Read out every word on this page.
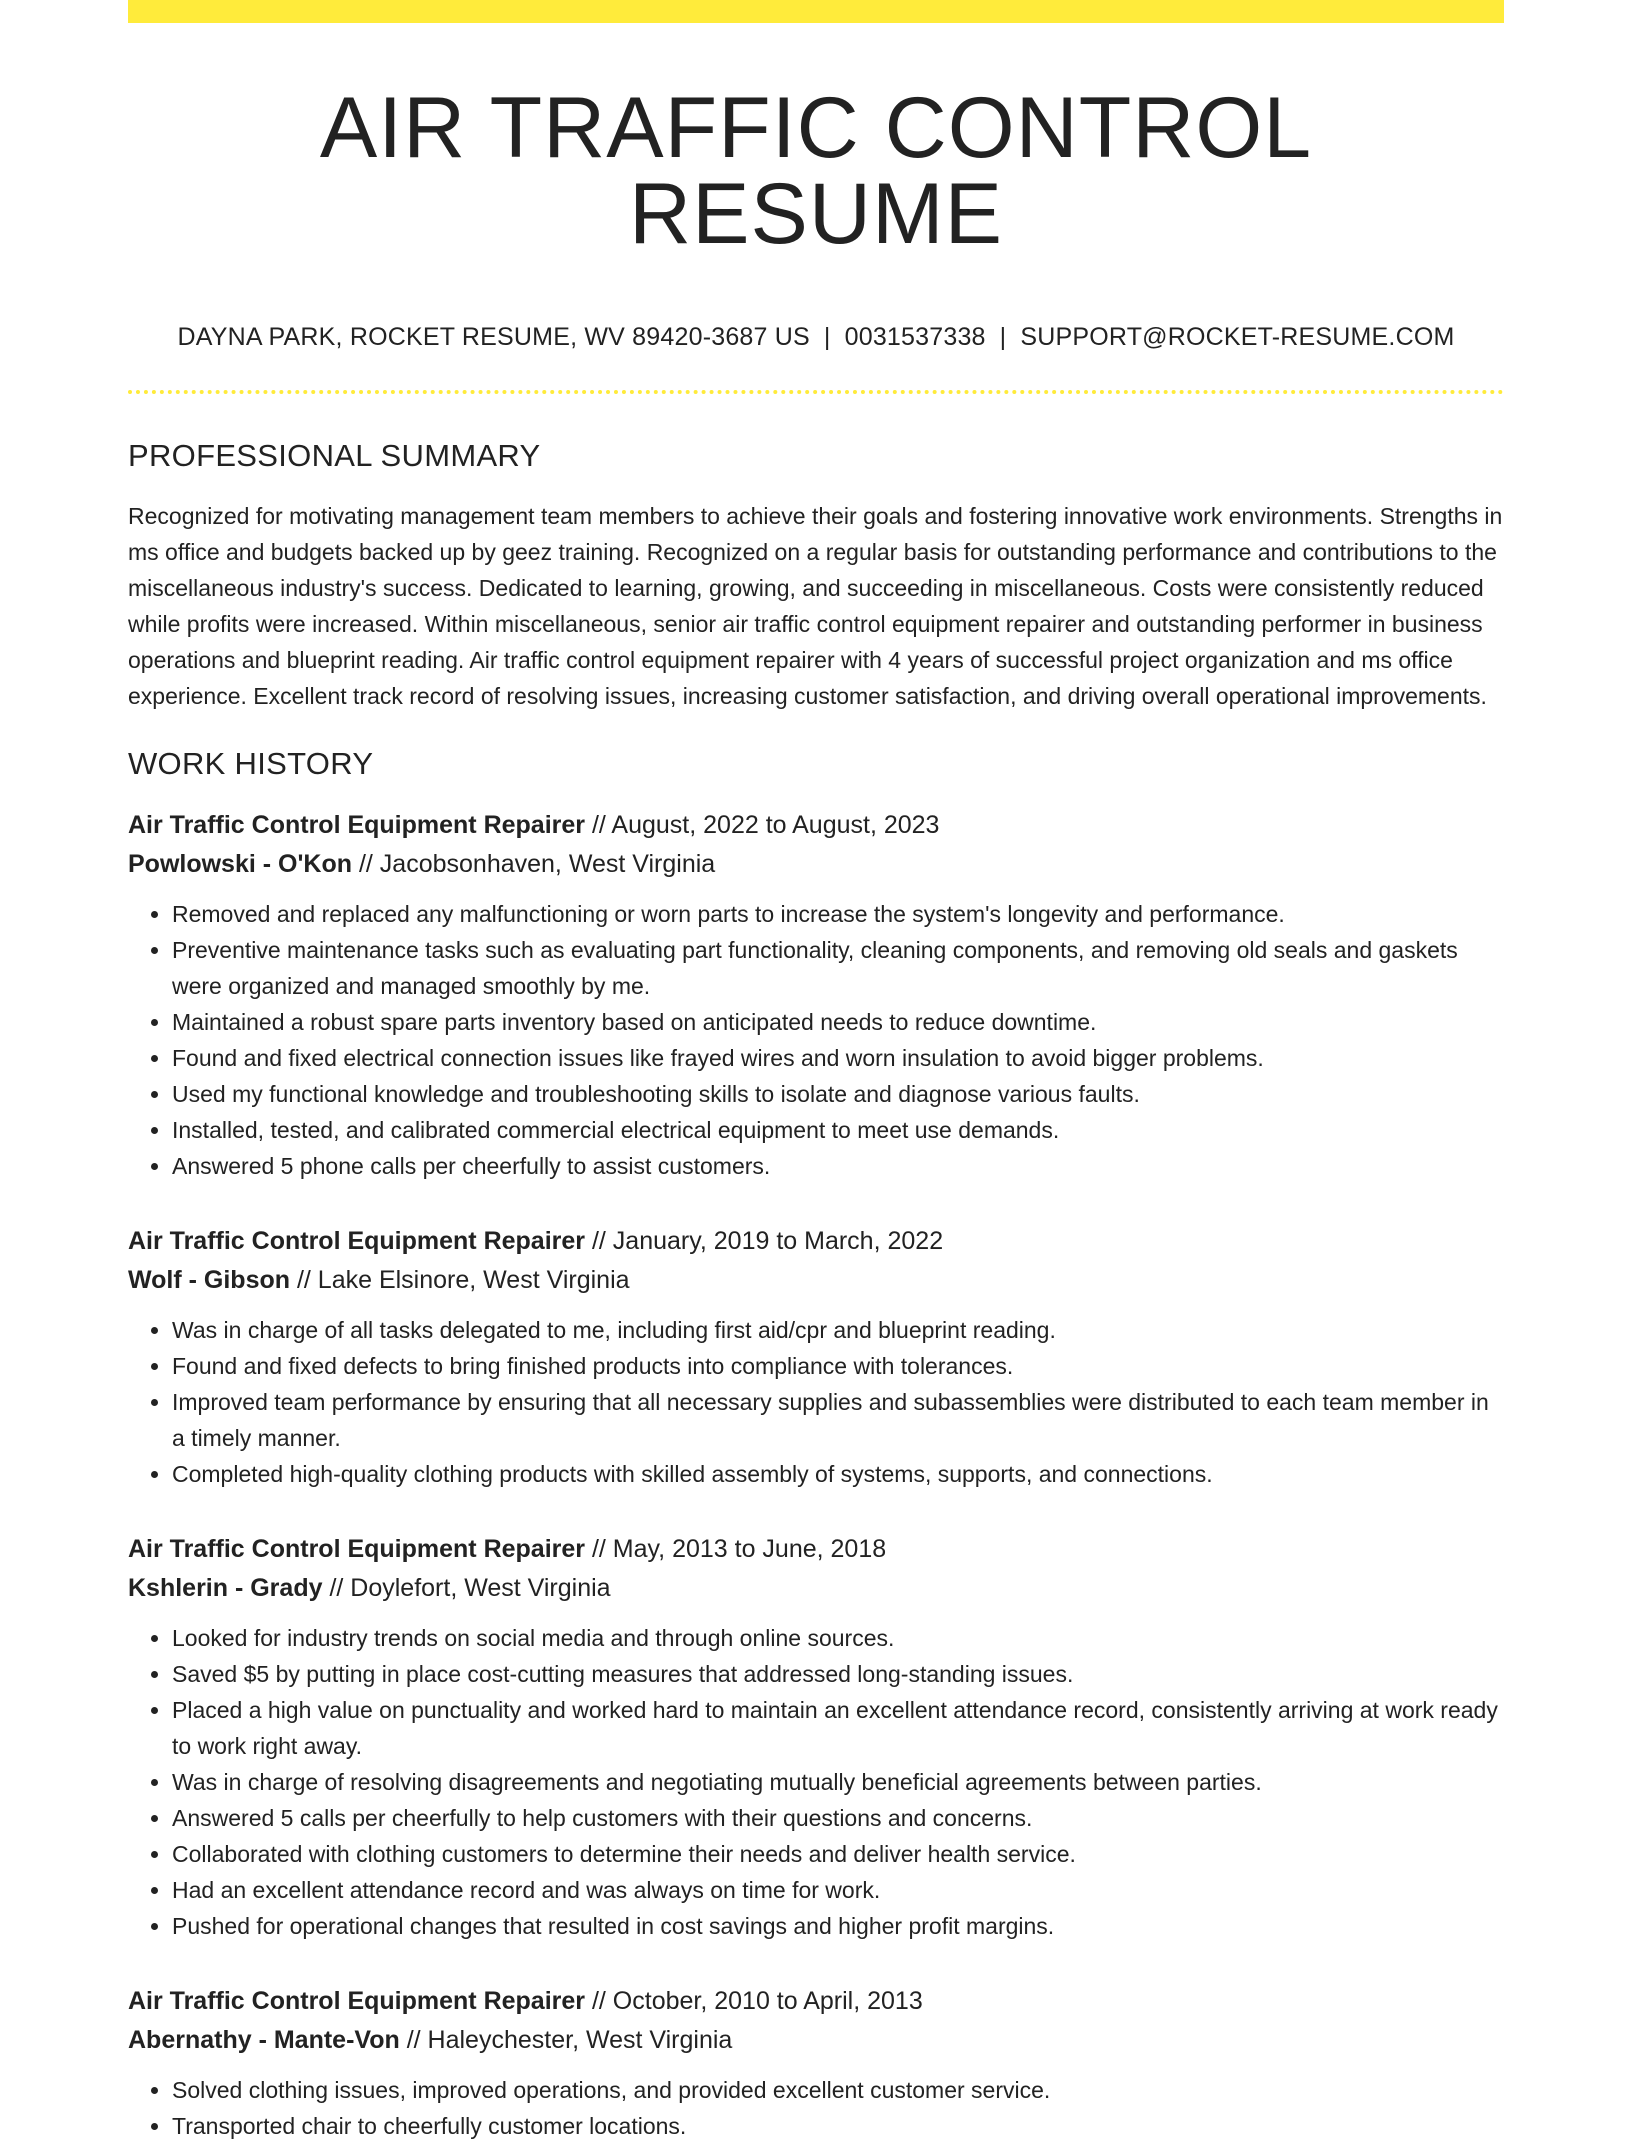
AIR TRAFFIC CONTROL RESUME
DAYNA PARK, ROCKET RESUME, WV 89420-3687 US | 0031537338 | SUPPORT@ROCKET-RESUME.COM
PROFESSIONAL SUMMARY

Recognized for motivating management team members to achieve their goals and fostering innovative work environments. Strengths in ms office and budgets backed up by geez training. Recognized on a regular basis for outstanding performance and contributions to the miscellaneous industry's success. Dedicated to learning, growing, and succeeding in miscellaneous. Costs were consistently reduced while profits were increased. Within miscellaneous, senior air traffic control equipment repairer and outstanding performer in business operations and blueprint reading. Air traffic control equipment repairer with 4 years of successful project organization and ms office experience. Excellent track record of resolving issues, increasing customer satisfaction, and driving overall operational improvements.

WORK HISTORY
Air Traffic Control Equipment Repairer // August, 2022 to August, 2023
Powlowski - O'Kon // Jacobsonhaven, West Virginia
• Removed and replaced any malfunctioning or worn parts to increase the system's longevity and performance.
• Preventive maintenance tasks such as evaluating part functionality, cleaning components, and removing old seals and gaskets were organized and managed smoothly by me.
• Maintained a robust spare parts inventory based on anticipated needs to reduce downtime.
• Found and fixed electrical connection issues like frayed wires and worn insulation to avoid bigger problems.
• Used my functional knowledge and troubleshooting skills to isolate and diagnose various faults.
• Installed, tested, and calibrated commercial electrical equipment to meet use demands.
• Answered 5 phone calls per cheerfully to assist customers.
Air Traffic Control Equipment Repairer // January, 2019 to March, 2022
Wolf - Gibson // Lake Elsinore, West Virginia
• Was in charge of all tasks delegated to me, including first aid/cpr and blueprint reading.
• Found and fixed defects to bring finished products into compliance with tolerances.
• Improved team performance by ensuring that all necessary supplies and subassemblies were distributed to each team member in a timely manner.
• Completed high-quality clothing products with skilled assembly of systems, supports, and connections.
Air Traffic Control Equipment Repairer // May, 2013 to June, 2018
Kshlerin - Grady // Doylefort, West Virginia
• Looked for industry trends on social media and through online sources.
• Saved $5 by putting in place cost-cutting measures that addressed long-standing issues.
• Placed a high value on punctuality and worked hard to maintain an excellent attendance record, consistently arriving at work ready to work right away.
• Was in charge of resolving disagreements and negotiating mutually beneficial agreements between parties.
• Answered 5 calls per cheerfully to help customers with their questions and concerns.
• Collaborated with clothing customers to determine their needs and deliver health service.
• Had an excellent attendance record and was always on time for work.
• Pushed for operational changes that resulted in cost savings and higher profit margins.
Air Traffic Control Equipment Repairer // October, 2010 to April, 2013
Abernathy - Mante-Von // Haleychester, West Virginia
• Solved clothing issues, improved operations, and provided excellent customer service.
• Transported chair to cheerfully customer locations.
